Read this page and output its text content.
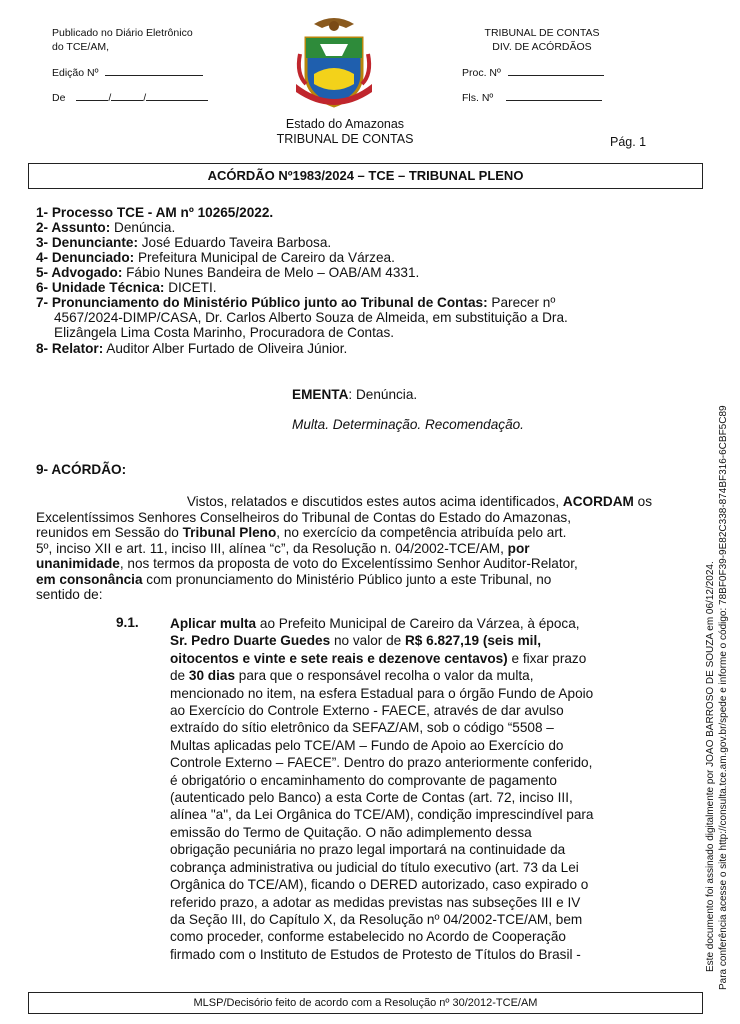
Publicado no Diário Eletrônico
do TCE/AM,
Edição Nº
De	/	/
TRIBUNAL DE CONTAS
DIV. DE ACÓRDÃOS
Proc. Nº
Fls. Nº
Estado do Amazonas
TRIBUNAL DE CONTAS	Pág. 1
ACÓRDÃO Nº1983/2024 – TCE – TRIBUNAL PLENO
1- Processo TCE - AM nº 10265/2022.
2- Assunto: Denúncia.
3- Denunciante: José Eduardo Taveira Barbosa.
4- Denunciado: Prefeitura Municipal de Careiro da Várzea.
5- Advogado: Fábio Nunes Bandeira de Melo – OAB/AM 4331.
6- Unidade Técnica: DICETI.
7- Pronunciamento do Ministério Público junto ao Tribunal de Contas: Parecer nº
4567/2024-DIMP/CASA, Dr. Carlos Alberto Souza de Almeida, em substituição a Dra.
Elizângela Lima Costa Marinho, Procuradora de Contas.
8- Relator: Auditor Alber Furtado de Oliveira Júnior.
EMENTA: Denúncia.
Multa. Determinação. Recomendação.
9- ACÓRDÃO:
Vistos, relatados e discutidos estes autos acima identificados, ACORDAM os
Excelentíssimos Senhores Conselheiros do Tribunal de Contas do Estado do Amazonas,
reunidos em Sessão do Tribunal Pleno, no exercício da competência atribuída pelo art.
5º, inciso XII e art. 11, inciso III, alínea “c”, da Resolução n. 04/2002-TCE/AM, por
unanimidade, nos termos da proposta de voto do Excelentíssimo Senhor Auditor-Relator,
em consonância com pronunciamento do Ministério Público junto a este Tribunal, no
sentido de:
9.1. Aplicar multa ao Prefeito Municipal de Careiro da Várzea, à época,
Sr. Pedro Duarte Guedes no valor de R$ 6.827,19 (seis mil,
oitocentos e vinte e sete reais e dezenove centavos) e fixar prazo
de 30 dias para que o responsável recolha o valor da multa,
mencionado no item, na esfera Estadual para o órgão Fundo de Apoio
ao Exercício do Controle Externo - FAECE, através de dar avulso
extraído do sítio eletrônico da SEFAZ/AM, sob o código “5508 –
Multas aplicadas pelo TCE/AM – Fundo de Apoio ao Exercício do
Controle Externo – FAECE”. Dentro do prazo anteriormente conferido,
é obrigatório o encaminhamento do comprovante de pagamento
(autenticado pelo Banco) a esta Corte de Contas (art. 72, inciso III,
alínea "a", da Lei Orgânica do TCE/AM), condição imprescindível para
emissão do Termo de Quitação. O não adimplemento dessa
obrigação pecuniária no prazo legal importará na continuidade da
cobrança administrativa ou judicial do título executivo (art. 73 da Lei
Orgânica do TCE/AM), ficando o DERED autorizado, caso expirado o
referido prazo, a adotar as medidas previstas nas subseções III e IV
da Seção III, do Capítulo X, da Resolução nº 04/2002-TCE/AM, bem
como proceder, conforme estabelecido no Acordo de Cooperação
firmado com o Instituto de Estudos de Protesto de Títulos do Brasil -	Este documento foi assinado digitalmente por JOAO BARROSO DE SOUZA em 06/12/2024. Para conferência acesse o site http://consulta.tce.am.gov.br/spede e informe o código: 78BF0F39-9E82C338-874BF316-6CBF5C89
MLSP/Decisório feito de acordo com a Resolução nº 30/2012-TCE/AM
